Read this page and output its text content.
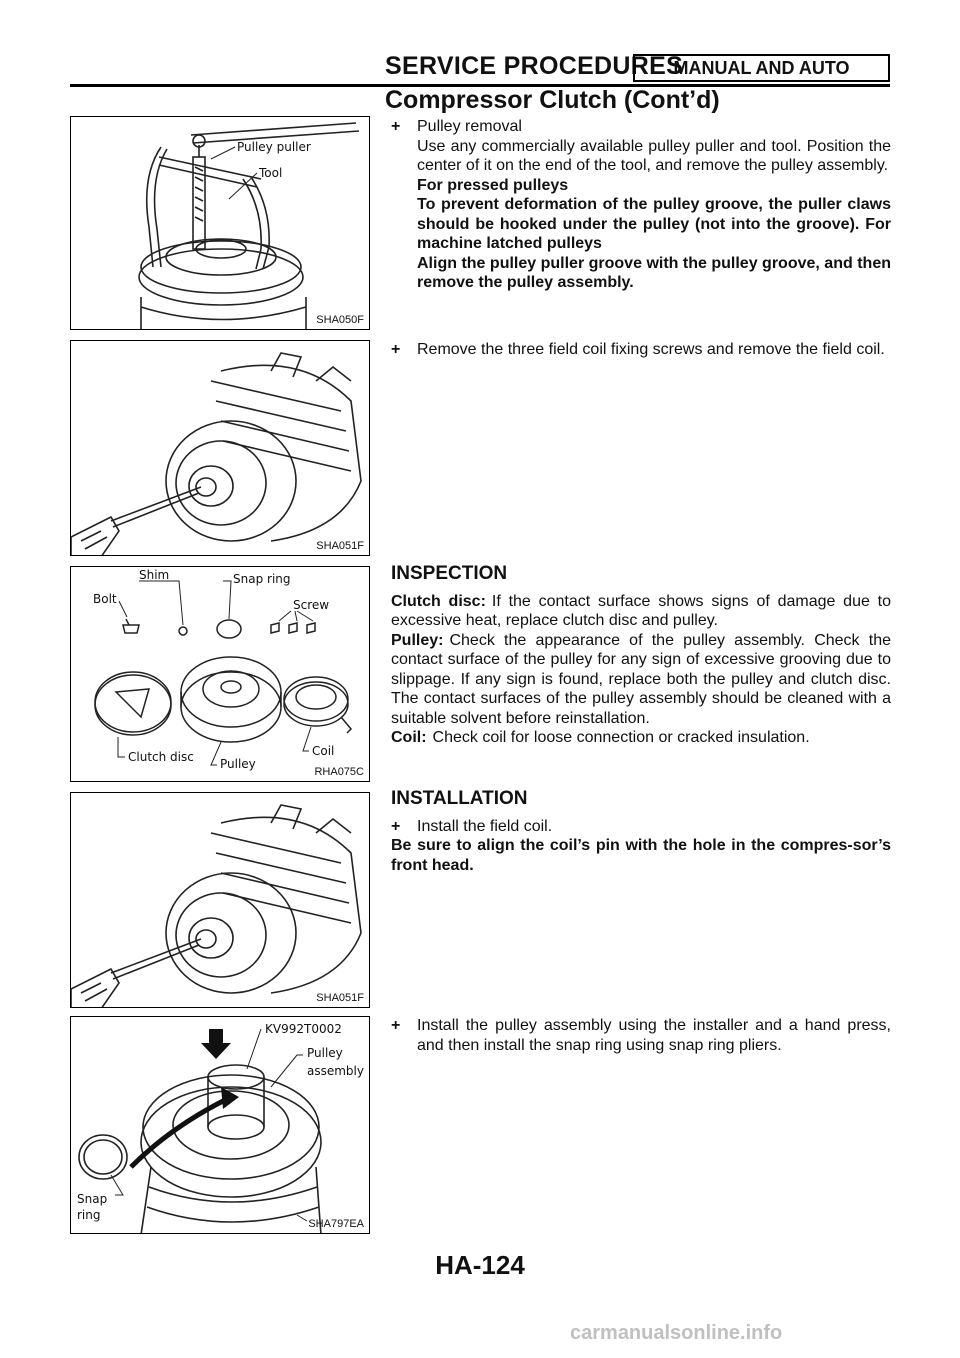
SERVICE PROCEDURES
MANUAL AND AUTO
Compressor Clutch (Cont’d)
Pulley puller
Tool
SHA050F
SHA051F
Shim	Snap ring
Bolt	Screw
Clutch disc Pulley
Coil
RHA075C
SHA051F
KV992T0002
Pulley
assembly
Snap
ring
SHA797EA
+ Pulley removal
Use any commercially available pulley puller and tool. Position the center of it on the end of the tool, and remove the pulley assembly.
For pressed pulleys
To prevent deformation of the pulley groove, the puller claws should be hooked under the pulley (not into the groove). For machine latched pulleys
Align the pulley puller groove with the pulley groove, and then remove the pulley assembly.
+ Remove the three field coil fixing screws and remove the field coil.
INSPECTION
Clutch disc: If the contact surface shows signs of damage due to excessive heat, replace clutch disc and pulley.
Pulley: Check the appearance of the pulley assembly. Check the contact surface of the pulley for any sign of excessive grooving due to slippage. If any sign is found, replace both the pulley and clutch disc. The contact surfaces of the pulley assembly should be cleaned with a suitable solvent before reinstallation.
Coil: Check coil for loose connection or cracked insulation.
INSTALLATION
+ Install the field coil.
Be sure to align the coil’s pin with the hole in the compres-sor’s front head.
+ Install the pulley assembly using the installer and a hand press, and then install the snap ring using snap ring pliers.
HA-124
carmanualsonline.info
